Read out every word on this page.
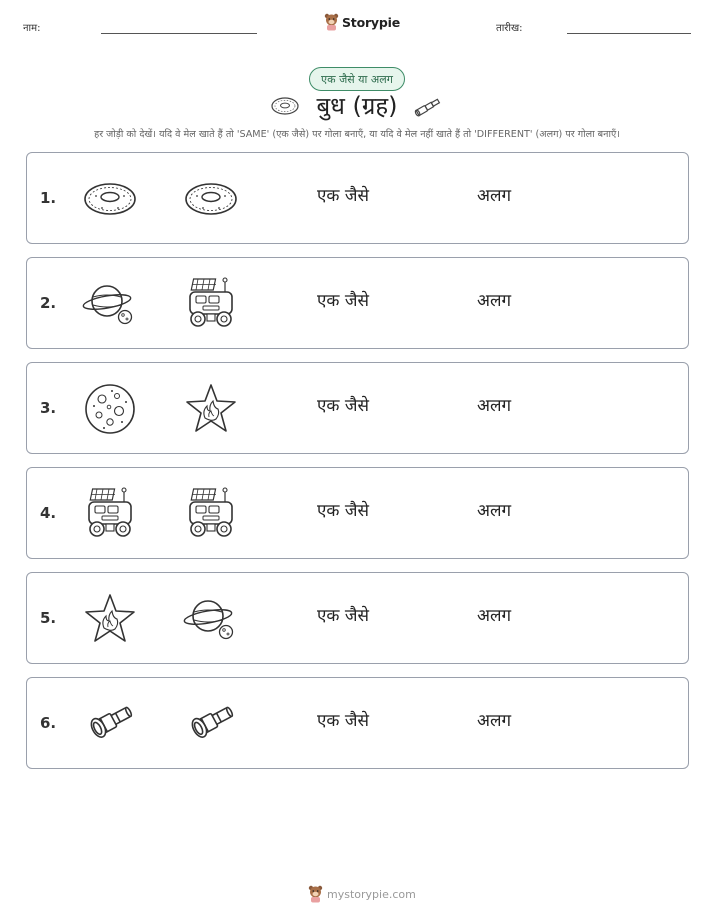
नाम:	Storypie	तारीख:
एक जैसे या अलग
बुध (ग्रह)
हर जोड़ी को देखें। यदि वे मेल खाते हैं तो 'SAME' (एक जैसे) पर गोला बनाएँ, या यदि वे मेल नहीं खाते हैं तो 'DIFFERENT' (अलग) पर गोला बनाएँ।
1.	एक जैसे	अलग
2.	एक जैसे	अलग
3.	एक जैसे	अलग
4.	एक जैसे	अलग
5.	एक जैसे	अलग
6.	एक जैसे	अलग
mystorypie.com
